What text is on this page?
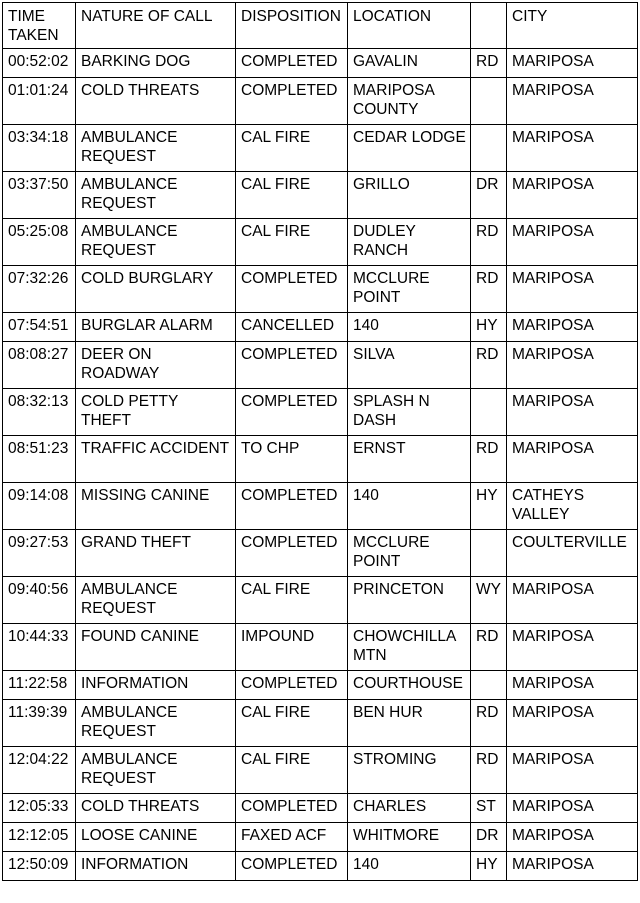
TIME TAKEN	NATURE OF CALL	DISPOSITION	LOCATION		CITY
00:52:02	BARKING DOG	COMPLETED	GAVALIN	RD	MARIPOSA
01:01:24	COLD THREATS	COMPLETED	MARIPOSA COUNTY		MARIPOSA
03:34:18	AMBULANCE REQUEST	CAL FIRE	CEDAR LODGE		MARIPOSA
03:37:50	AMBULANCE REQUEST	CAL FIRE	GRILLO	DR	MARIPOSA
05:25:08	AMBULANCE REQUEST	CAL FIRE	DUDLEY RANCH	RD	MARIPOSA
07:32:26	COLD BURGLARY	COMPLETED	MCCLURE POINT	RD	MARIPOSA
07:54:51	BURGLAR ALARM	CANCELLED	140	HY	MARIPOSA
08:08:27	DEER ON ROADWAY	COMPLETED	SILVA	RD	MARIPOSA
08:32:13	COLD PETTY THEFT	COMPLETED	SPLASH N DASH		MARIPOSA
08:51:23	TRAFFIC ACCIDENT	TO CHP	ERNST	RD	MARIPOSA
09:14:08	MISSING CANINE	COMPLETED	140	HY	CATHEYS VALLEY
09:27:53	GRAND THEFT	COMPLETED	MCCLURE POINT		COULTERVILLE
09:40:56	AMBULANCE REQUEST	CAL FIRE	PRINCETON	WY	MARIPOSA
10:44:33	FOUND CANINE	IMPOUND	CHOWCHILLA MTN	RD	MARIPOSA
11:22:58	INFORMATION	COMPLETED	COURTHOUSE		MARIPOSA
11:39:39	AMBULANCE REQUEST	CAL FIRE	BEN HUR	RD	MARIPOSA
12:04:22	AMBULANCE REQUEST	CAL FIRE	STROMING	RD	MARIPOSA
12:05:33	COLD THREATS	COMPLETED	CHARLES	ST	MARIPOSA
12:12:05	LOOSE CANINE	FAXED ACF	WHITMORE	DR	MARIPOSA
12:50:09	INFORMATION	COMPLETED	140	HY	MARIPOSA
